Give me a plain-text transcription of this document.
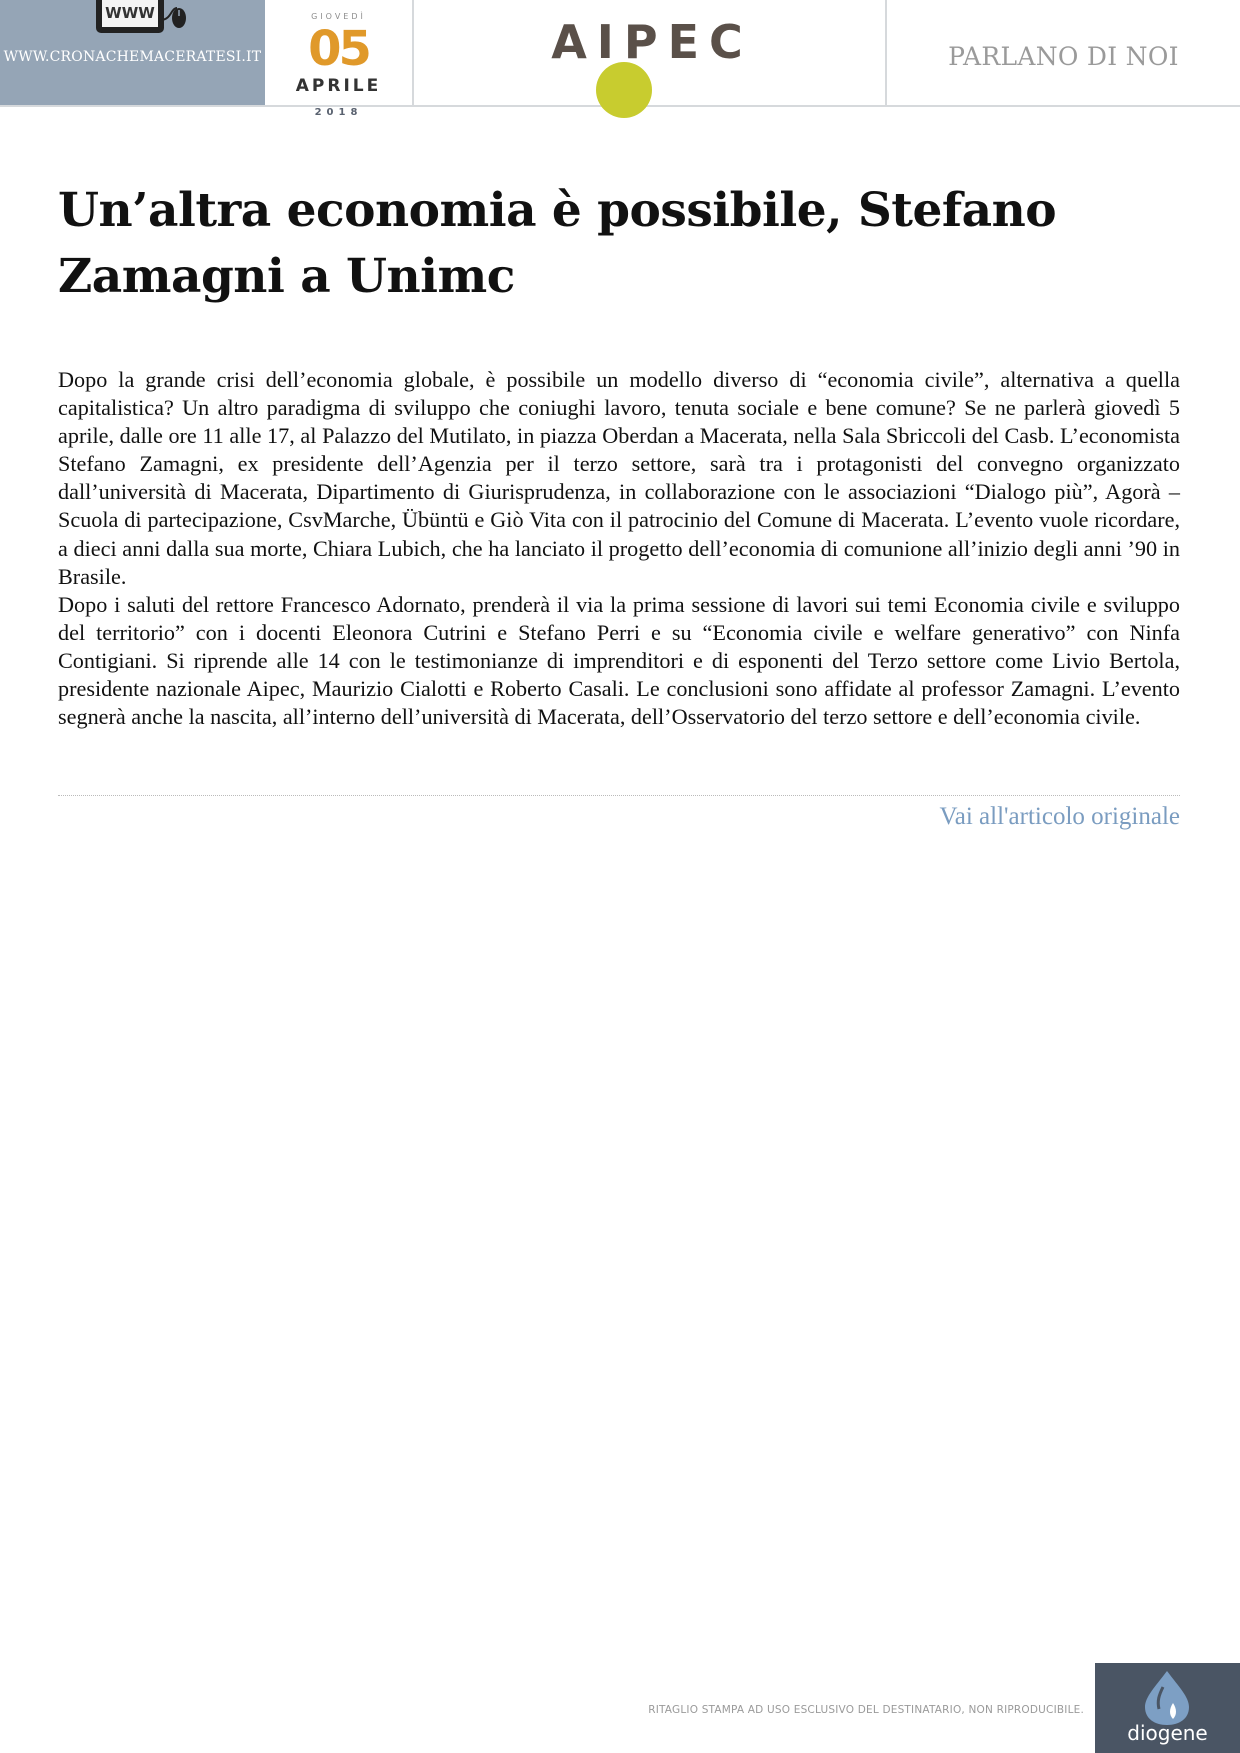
WWW
WWW.CRONACHEMACERATESI.IT
GIOVEDÌ
05
APRILE
2018
AIPEC	PARLANO DI NOI
Un’altra economia è possibile, Stefano Zamagni a Unimc

Dopo la grande crisi dell’economia globale, è possibile un modello diverso di “economia civile”, alternativa a quella capitalistica? Un altro paradigma di sviluppo che coniughi lavoro, tenuta sociale e bene comune? Se ne parlerà giovedì 5 aprile, dalle ore 11 alle 17, al Palazzo del Mutilato, in piazza Oberdan a Macerata, nella Sala Sbriccoli del Casb. L’economista Stefano Zamagni, ex presidente dell’Agenzia per il terzo settore, sarà tra i protagonisti del convegno organizzato dall’università di Macerata, Dipartimento di Giurisprudenza, in collaborazione con le associazioni “Dialogo più”, Agorà – Scuola di partecipazione, CsvMarche, Übüntü e Giò Vita con il patrocinio del Comune di Macerata. L’evento vuole ricordare, a dieci anni dalla sua morte, Chiara Lubich, che ha lanciato il progetto dell’economia di comunione all’inizio degli anni ’90 in Brasile.

Dopo i saluti del rettore Francesco Adornato, prenderà il via la prima sessione di lavori sui temi Economia civile e sviluppo del territorio” con i docenti Eleonora Cutrini e Stefano Perri e su “Economia civile e welfare generativo” con Ninfa Contigiani. Si riprende alle 14 con le testimonianze di imprenditori e di esponenti del Terzo settore come Livio Bertola, presidente nazionale Aipec, Maurizio Cialotti e Roberto Casali. Le conclusioni sono affidate al professor Zamagni. L’evento segnerà anche la nascita, all’interno dell’università di Macerata, dell’Osservatorio del terzo settore e dell’economia civile.

Vai all'articolo originale
RITAGLIO STAMPA AD USO ESCLUSIVO DEL DESTINATARIO, NON RIPRODUCIBILE.
diogene
